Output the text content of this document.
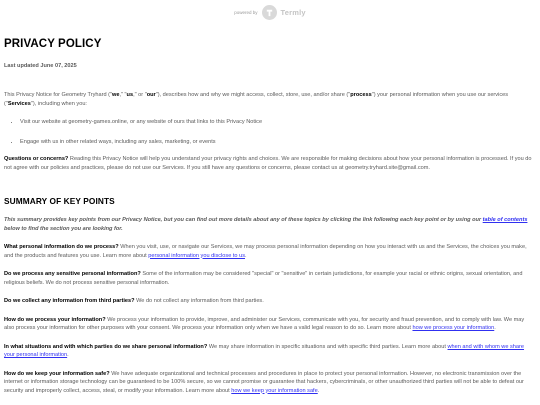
powered by	Termly
PRIVACY POLICY
Last updated June 07, 2025

This Privacy Notice for Geometry Tryhard ("we," "us," or "our"), describes how and why we might access, collect, store, use, and/or share ("process") your personal information when you use our services ("Services"), including when you:

• Visit our website at geometry-games.online, or any website of ours that links to this Privacy Notice
• Engage with us in other related ways, including any sales, marketing, or events

Questions or concerns? Reading this Privacy Notice will help you understand your privacy rights and choices. We are responsible for making decisions about how your personal information is processed. If you do not agree with our policies and practices, please do not use our Services. If you still have any questions or concerns, please contact us at geometry.tryhard.site@gmail.com.

SUMMARY OF KEY POINTS

This summary provides key points from our Privacy Notice, but you can find out more details about any of these topics by clicking the link following each key point or by using our table of contents below to find the section you are looking for.

What personal information do we process? When you visit, use, or navigate our Services, we may process personal information depending on how you interact with us and the Services, the choices you make, and the products and features you use. Learn more about personal information you disclose to us.

Do we process any sensitive personal information? Some of the information may be considered "special" or "sensitive" in certain jurisdictions, for example your racial or ethnic origins, sexual orientation, and religious beliefs. We do not process sensitive personal information.

Do we collect any information from third parties? We do not collect any information from third parties.

How do we process your information? We process your information to provide, improve, and administer our Services, communicate with you, for security and fraud prevention, and to comply with law. We may also process your information for other purposes with your consent. We process your information only when we have a valid legal reason to do so. Learn more about how we process your information.

In what situations and with which parties do we share personal information? We may share information in specific situations and with specific third parties. Learn more about when and with whom we share your personal information.

How do we keep your information safe? We have adequate organizational and technical processes and procedures in place to protect your personal information. However, no electronic transmission over the internet or information storage technology can be guaranteed to be 100% secure, so we cannot promise or guarantee that hackers, cybercriminals, or other unauthorized third parties will not be able to defeat our security and improperly collect, access, steal, or modify your information. Learn more about how we keep your information safe.
